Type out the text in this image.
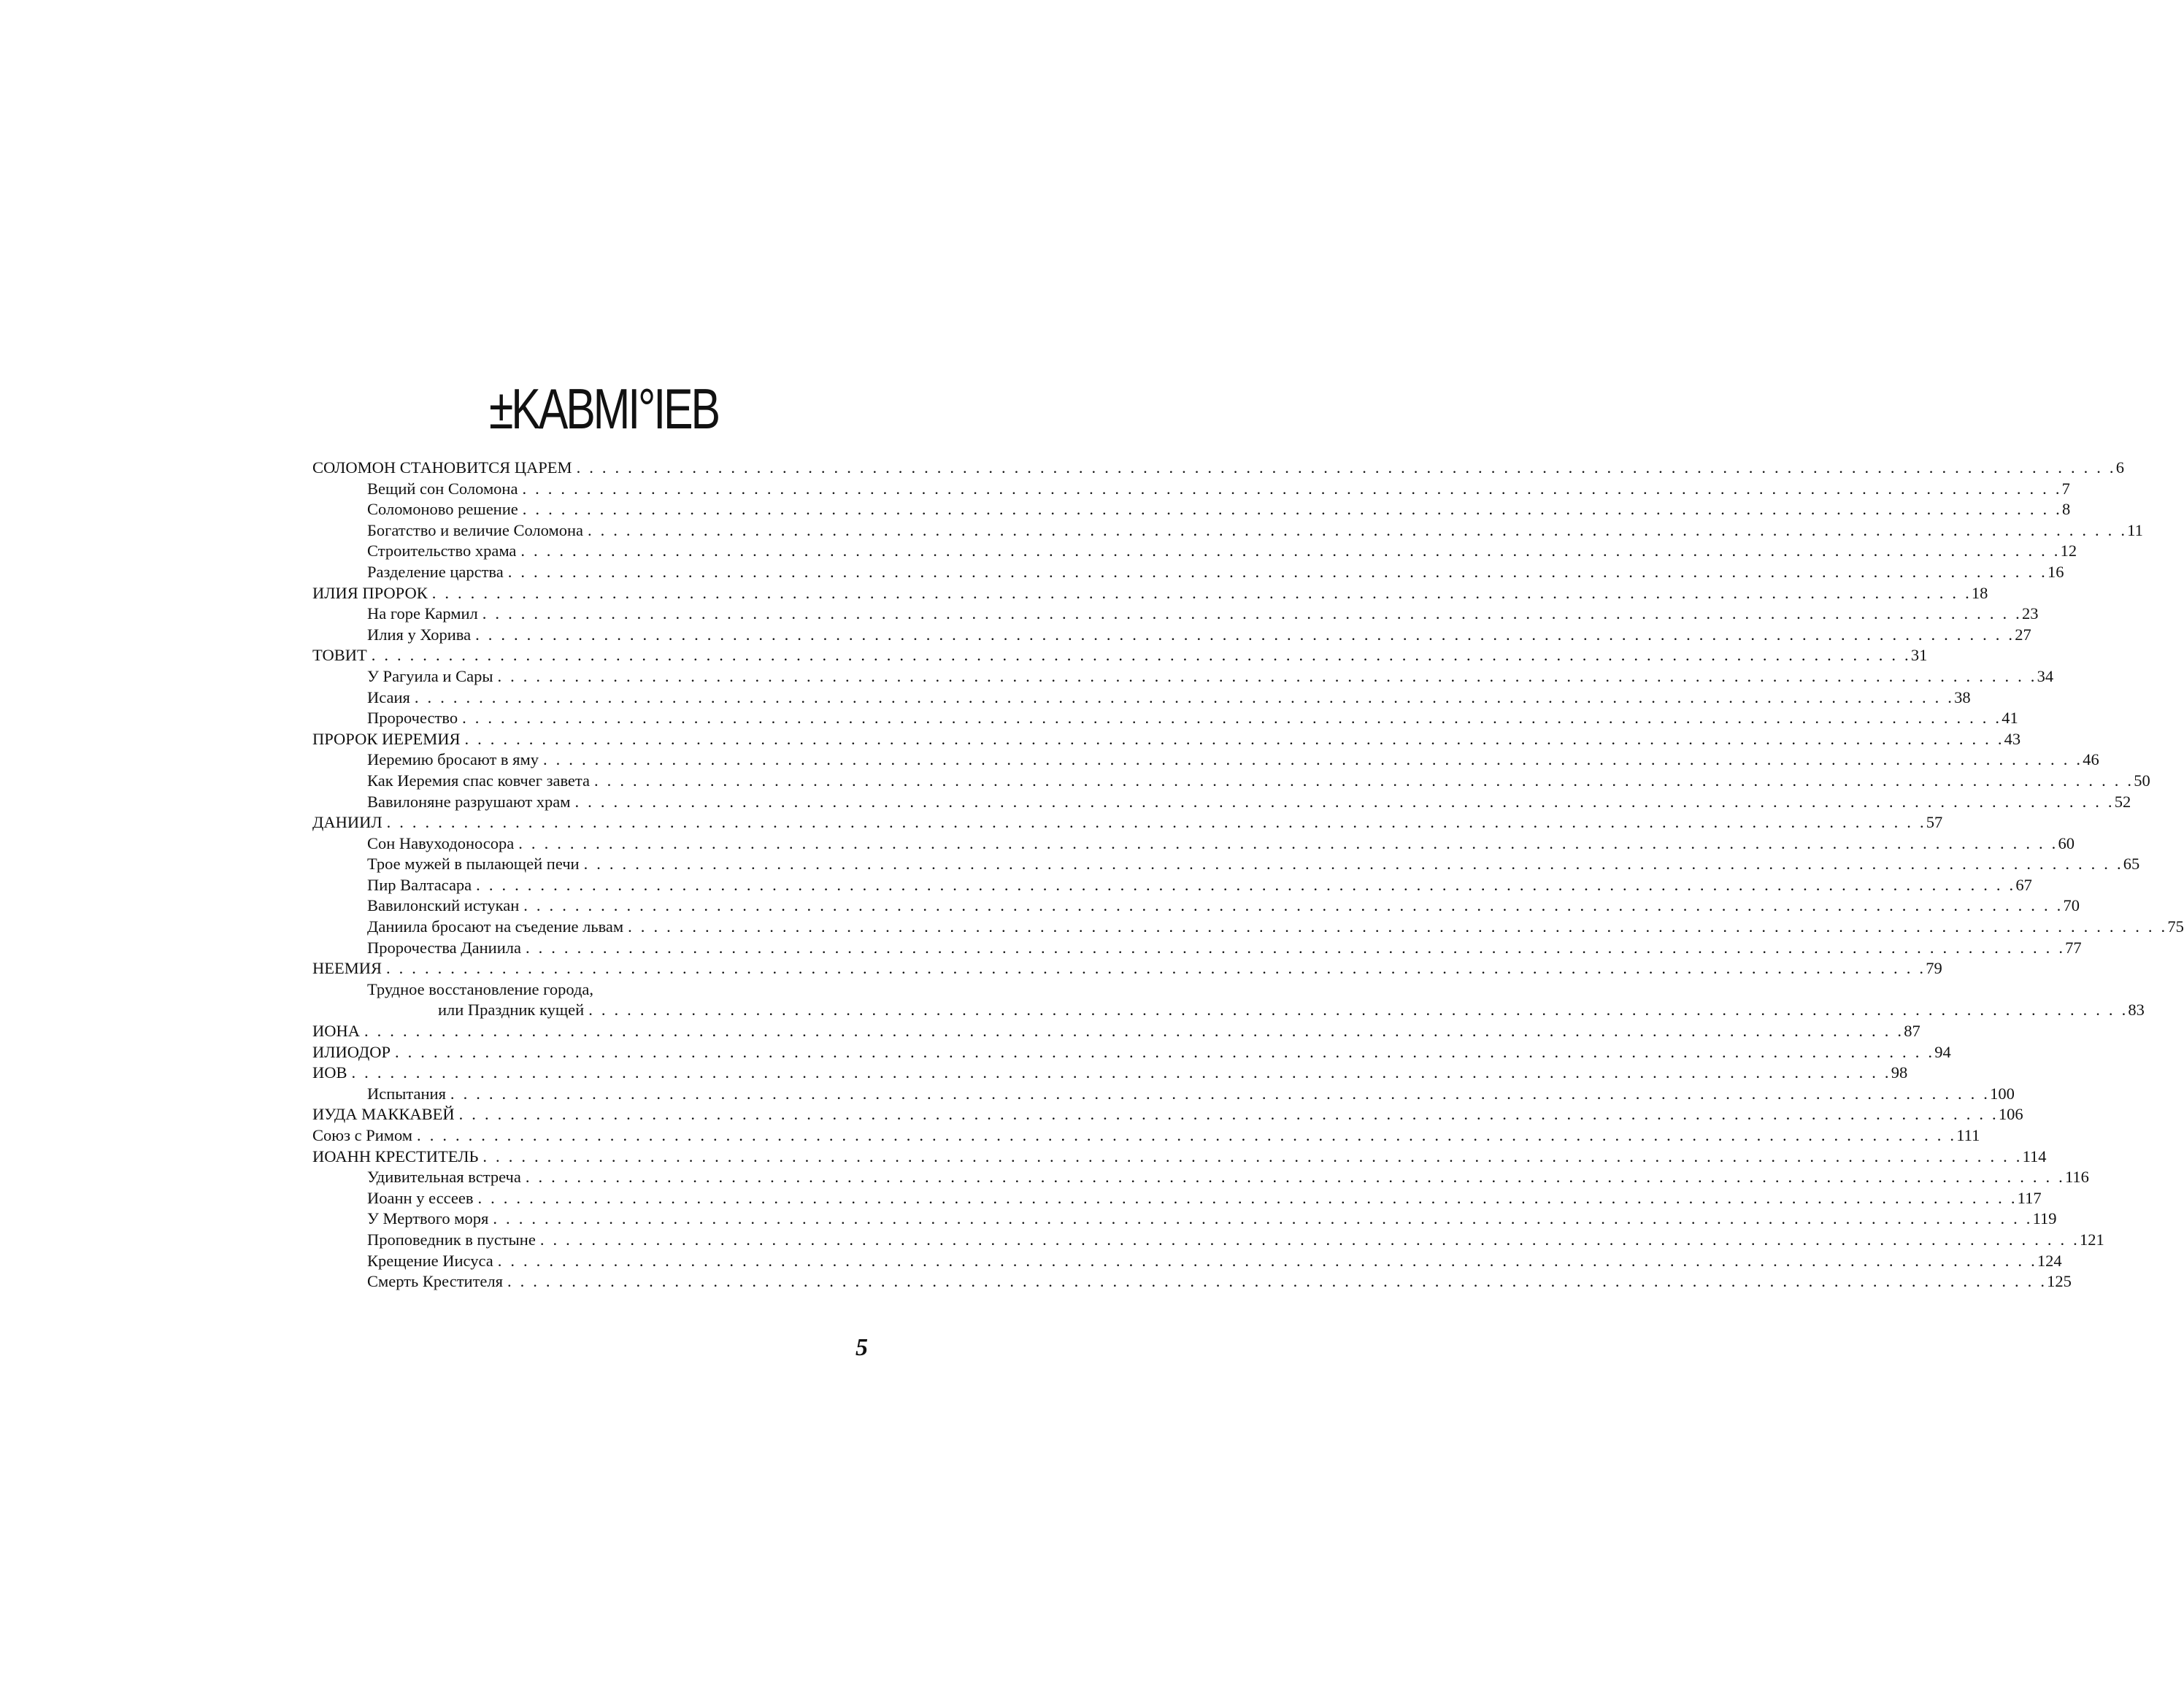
±KABMI°IEB
СОЛОМОН СТАНОВИТСЯ ЦАРЕМ . . . . . . . . . . . . . . . . . . . . . . . . . . . . . . . . . . . . . . . . . . . . . . . . . . . . . . . . . . . . . . . . . . . . . . . . . . . . . . . . . . . . . . . . . . . . . . . . . . . . . . . . . . . . . . . . . . . . . . . . 6
Вещий сон Соломона . . . . . . . . . . . . . . . . . . . . . . . . . . . . . . . . . . . . . . . . . . . . . . . . . . . . . . . . . . . . . . . . . . . . . . . . . . . . . . . . . . . . . . . . . . . . . . . . . . . . . . . . . . . . . . . . . . . . . . . . 7
Соломоново решение . . . . . . . . . . . . . . . . . . . . . . . . . . . . . . . . . . . . . . . . . . . . . . . . . . . . . . . . . . . . . . . . . . . . . . . . . . . . . . . . . . . . . . . . . . . . . . . . . . . . . . . . . . . . . . . . . . . . . . . . 8
Богатство и величие Соломона . . . . . . . . . . . . . . . . . . . . . . . . . . . . . . . . . . . . . . . . . . . . . . . . . . . . . . . . . . . . . . . . . . . . . . . . . . . . . . . . . . . . . . . . . . . . . . . . . . . . . . . . . . . . . . . . . . . . . . . . 11
Строительство храма . . . . . . . . . . . . . . . . . . . . . . . . . . . . . . . . . . . . . . . . . . . . . . . . . . . . . . . . . . . . . . . . . . . . . . . . . . . . . . . . . . . . . . . . . . . . . . . . . . . . . . . . . . . . . . . . . . . . . . . . 12
Разделение царства . . . . . . . . . . . . . . . . . . . . . . . . . . . . . . . . . . . . . . . . . . . . . . . . . . . . . . . . . . . . . . . . . . . . . . . . . . . . . . . . . . . . . . . . . . . . . . . . . . . . . . . . . . . . . . . . . . . . . . . . 16
ИЛИЯ ПРОРОК . . . . . . . . . . . . . . . . . . . . . . . . . . . . . . . . . . . . . . . . . . . . . . . . . . . . . . . . . . . . . . . . . . . . . . . . . . . . . . . . . . . . . . . . . . . . . . . . . . . . . . . . . . . . . . . . . . . . . . . . 18
На горе Кармил . . . . . . . . . . . . . . . . . . . . . . . . . . . . . . . . . . . . . . . . . . . . . . . . . . . . . . . . . . . . . . . . . . . . . . . . . . . . . . . . . . . . . . . . . . . . . . . . . . . . . . . . . . . . . . . . . . . . . . . . 23
Илия у Хорива . . . . . . . . . . . . . . . . . . . . . . . . . . . . . . . . . . . . . . . . . . . . . . . . . . . . . . . . . . . . . . . . . . . . . . . . . . . . . . . . . . . . . . . . . . . . . . . . . . . . . . . . . . . . . . . . . . . . . . . . 27
ТОВИТ . . . . . . . . . . . . . . . . . . . . . . . . . . . . . . . . . . . . . . . . . . . . . . . . . . . . . . . . . . . . . . . . . . . . . . . . . . . . . . . . . . . . . . . . . . . . . . . . . . . . . . . . . . . . . . . . . . . . . . . . 31
У Рагуила и Сары . . . . . . . . . . . . . . . . . . . . . . . . . . . . . . . . . . . . . . . . . . . . . . . . . . . . . . . . . . . . . . . . . . . . . . . . . . . . . . . . . . . . . . . . . . . . . . . . . . . . . . . . . . . . . . . . . . . . . . . . 34
Исаия . . . . . . . . . . . . . . . . . . . . . . . . . . . . . . . . . . . . . . . . . . . . . . . . . . . . . . . . . . . . . . . . . . . . . . . . . . . . . . . . . . . . . . . . . . . . . . . . . . . . . . . . . . . . . . . . . . . . . . . . 38
Пророчество . . . . . . . . . . . . . . . . . . . . . . . . . . . . . . . . . . . . . . . . . . . . . . . . . . . . . . . . . . . . . . . . . . . . . . . . . . . . . . . . . . . . . . . . . . . . . . . . . . . . . . . . . . . . . . . . . . . . . . . . 41
ПРОРОК ИЕРЕМИЯ . . . . . . . . . . . . . . . . . . . . . . . . . . . . . . . . . . . . . . . . . . . . . . . . . . . . . . . . . . . . . . . . . . . . . . . . . . . . . . . . . . . . . . . . . . . . . . . . . . . . . . . . . . . . . . . . . . . . . . . . 43
Иеремию бросают в яму . . . . . . . . . . . . . . . . . . . . . . . . . . . . . . . . . . . . . . . . . . . . . . . . . . . . . . . . . . . . . . . . . . . . . . . . . . . . . . . . . . . . . . . . . . . . . . . . . . . . . . . . . . . . . . . . . . . . . . . . 46
Как Иеремия спас ковчег завета . . . . . . . . . . . . . . . . . . . . . . . . . . . . . . . . . . . . . . . . . . . . . . . . . . . . . . . . . . . . . . . . . . . . . . . . . . . . . . . . . . . . . . . . . . . . . . . . . . . . . . . . . . . . . . . . . . . . . . . . 50
Вавилоняне разрушают храм . . . . . . . . . . . . . . . . . . . . . . . . . . . . . . . . . . . . . . . . . . . . . . . . . . . . . . . . . . . . . . . . . . . . . . . . . . . . . . . . . . . . . . . . . . . . . . . . . . . . . . . . . . . . . . . . . . . . . . . . 52
ДАНИИЛ . . . . . . . . . . . . . . . . . . . . . . . . . . . . . . . . . . . . . . . . . . . . . . . . . . . . . . . . . . . . . . . . . . . . . . . . . . . . . . . . . . . . . . . . . . . . . . . . . . . . . . . . . . . . . . . . . . . . . . . . 57
Сон Навуходоносора . . . . . . . . . . . . . . . . . . . . . . . . . . . . . . . . . . . . . . . . . . . . . . . . . . . . . . . . . . . . . . . . . . . . . . . . . . . . . . . . . . . . . . . . . . . . . . . . . . . . . . . . . . . . . . . . . . . . . . . . 60
Трое мужей в пылающей печи . . . . . . . . . . . . . . . . . . . . . . . . . . . . . . . . . . . . . . . . . . . . . . . . . . . . . . . . . . . . . . . . . . . . . . . . . . . . . . . . . . . . . . . . . . . . . . . . . . . . . . . . . . . . . . . . . . . . . . . . 65
Пир Валтасара . . . . . . . . . . . . . . . . . . . . . . . . . . . . . . . . . . . . . . . . . . . . . . . . . . . . . . . . . . . . . . . . . . . . . . . . . . . . . . . . . . . . . . . . . . . . . . . . . . . . . . . . . . . . . . . . . . . . . . . . 67
Вавилонский истукан . . . . . . . . . . . . . . . . . . . . . . . . . . . . . . . . . . . . . . . . . . . . . . . . . . . . . . . . . . . . . . . . . . . . . . . . . . . . . . . . . . . . . . . . . . . . . . . . . . . . . . . . . . . . . . . . . . . . . . . . 70
Даниила бросают на съедение львам . . . . . . . . . . . . . . . . . . . . . . . . . . . . . . . . . . . . . . . . . . . . . . . . . . . . . . . . . . . . . . . . . . . . . . . . . . . . . . . . . . . . . . . . . . . . . . . . . . . . . . . . . . . . . . . . . . . . . . . . 75
Пророчества Даниила . . . . . . . . . . . . . . . . . . . . . . . . . . . . . . . . . . . . . . . . . . . . . . . . . . . . . . . . . . . . . . . . . . . . . . . . . . . . . . . . . . . . . . . . . . . . . . . . . . . . . . . . . . . . . . . . . . . . . . . . 77
НЕЕМИЯ . . . . . . . . . . . . . . . . . . . . . . . . . . . . . . . . . . . . . . . . . . . . . . . . . . . . . . . . . . . . . . . . . . . . . . . . . . . . . . . . . . . . . . . . . . . . . . . . . . . . . . . . . . . . . . . . . . . . . . . . 79
Трудное восстановление города,
или Праздник кущей . . . . . . . . . . . . . . . . . . . . . . . . . . . . . . . . . . . . . . . . . . . . . . . . . . . . . . . . . . . . . . . . . . . . . . . . . . . . . . . . . . . . . . . . . . . . . . . . . . . . . . . . . . . . . . . . . . . . . . . . 83
ИОНА . . . . . . . . . . . . . . . . . . . . . . . . . . . . . . . . . . . . . . . . . . . . . . . . . . . . . . . . . . . . . . . . . . . . . . . . . . . . . . . . . . . . . . . . . . . . . . . . . . . . . . . . . . . . . . . . . . . . . . . . 87
ИЛИОДОР . . . . . . . . . . . . . . . . . . . . . . . . . . . . . . . . . . . . . . . . . . . . . . . . . . . . . . . . . . . . . . . . . . . . . . . . . . . . . . . . . . . . . . . . . . . . . . . . . . . . . . . . . . . . . . . . . . . . . . . . 94
ИОВ . . . . . . . . . . . . . . . . . . . . . . . . . . . . . . . . . . . . . . . . . . . . . . . . . . . . . . . . . . . . . . . . . . . . . . . . . . . . . . . . . . . . . . . . . . . . . . . . . . . . . . . . . . . . . . . . . . . . . . . . 98
Испытания . . . . . . . . . . . . . . . . . . . . . . . . . . . . . . . . . . . . . . . . . . . . . . . . . . . . . . . . . . . . . . . . . . . . . . . . . . . . . . . . . . . . . . . . . . . . . . . . . . . . . . . . . . . . . . . . . . . . . . . . 100
ИУДА МАККАВЕЙ . . . . . . . . . . . . . . . . . . . . . . . . . . . . . . . . . . . . . . . . . . . . . . . . . . . . . . . . . . . . . . . . . . . . . . . . . . . . . . . . . . . . . . . . . . . . . . . . . . . . . . . . . . . . . . . . . . . . . . . . 106
Союз с Римом . . . . . . . . . . . . . . . . . . . . . . . . . . . . . . . . . . . . . . . . . . . . . . . . . . . . . . . . . . . . . . . . . . . . . . . . . . . . . . . . . . . . . . . . . . . . . . . . . . . . . . . . . . . . . . . . . . . . . . . . 111
ИОАНН КРЕСТИТЕЛЬ . . . . . . . . . . . . . . . . . . . . . . . . . . . . . . . . . . . . . . . . . . . . . . . . . . . . . . . . . . . . . . . . . . . . . . . . . . . . . . . . . . . . . . . . . . . . . . . . . . . . . . . . . . . . . . . . . . . . . . . . 114
Удивительная встреча . . . . . . . . . . . . . . . . . . . . . . . . . . . . . . . . . . . . . . . . . . . . . . . . . . . . . . . . . . . . . . . . . . . . . . . . . . . . . . . . . . . . . . . . . . . . . . . . . . . . . . . . . . . . . . . . . . . . . . . . 116
Иоанн у ессеев . . . . . . . . . . . . . . . . . . . . . . . . . . . . . . . . . . . . . . . . . . . . . . . . . . . . . . . . . . . . . . . . . . . . . . . . . . . . . . . . . . . . . . . . . . . . . . . . . . . . . . . . . . . . . . . . . . . . . . . . 117
У Мертвого моря . . . . . . . . . . . . . . . . . . . . . . . . . . . . . . . . . . . . . . . . . . . . . . . . . . . . . . . . . . . . . . . . . . . . . . . . . . . . . . . . . . . . . . . . . . . . . . . . . . . . . . . . . . . . . . . . . . . . . . . . 119
Проповедник в пустыне . . . . . . . . . . . . . . . . . . . . . . . . . . . . . . . . . . . . . . . . . . . . . . . . . . . . . . . . . . . . . . . . . . . . . . . . . . . . . . . . . . . . . . . . . . . . . . . . . . . . . . . . . . . . . . . . . . . . . . . . 121
Крещение Иисуса . . . . . . . . . . . . . . . . . . . . . . . . . . . . . . . . . . . . . . . . . . . . . . . . . . . . . . . . . . . . . . . . . . . . . . . . . . . . . . . . . . . . . . . . . . . . . . . . . . . . . . . . . . . . . . . . . . . . . . . . 124
Смерть Крестителя . . . . . . . . . . . . . . . . . . . . . . . . . . . . . . . . . . . . . . . . . . . . . . . . . . . . . . . . . . . . . . . . . . . . . . . . . . . . . . . . . . . . . . . . . . . . . . . . . . . . . . . . . . . . . . . . . . . . . . . . 125
5
